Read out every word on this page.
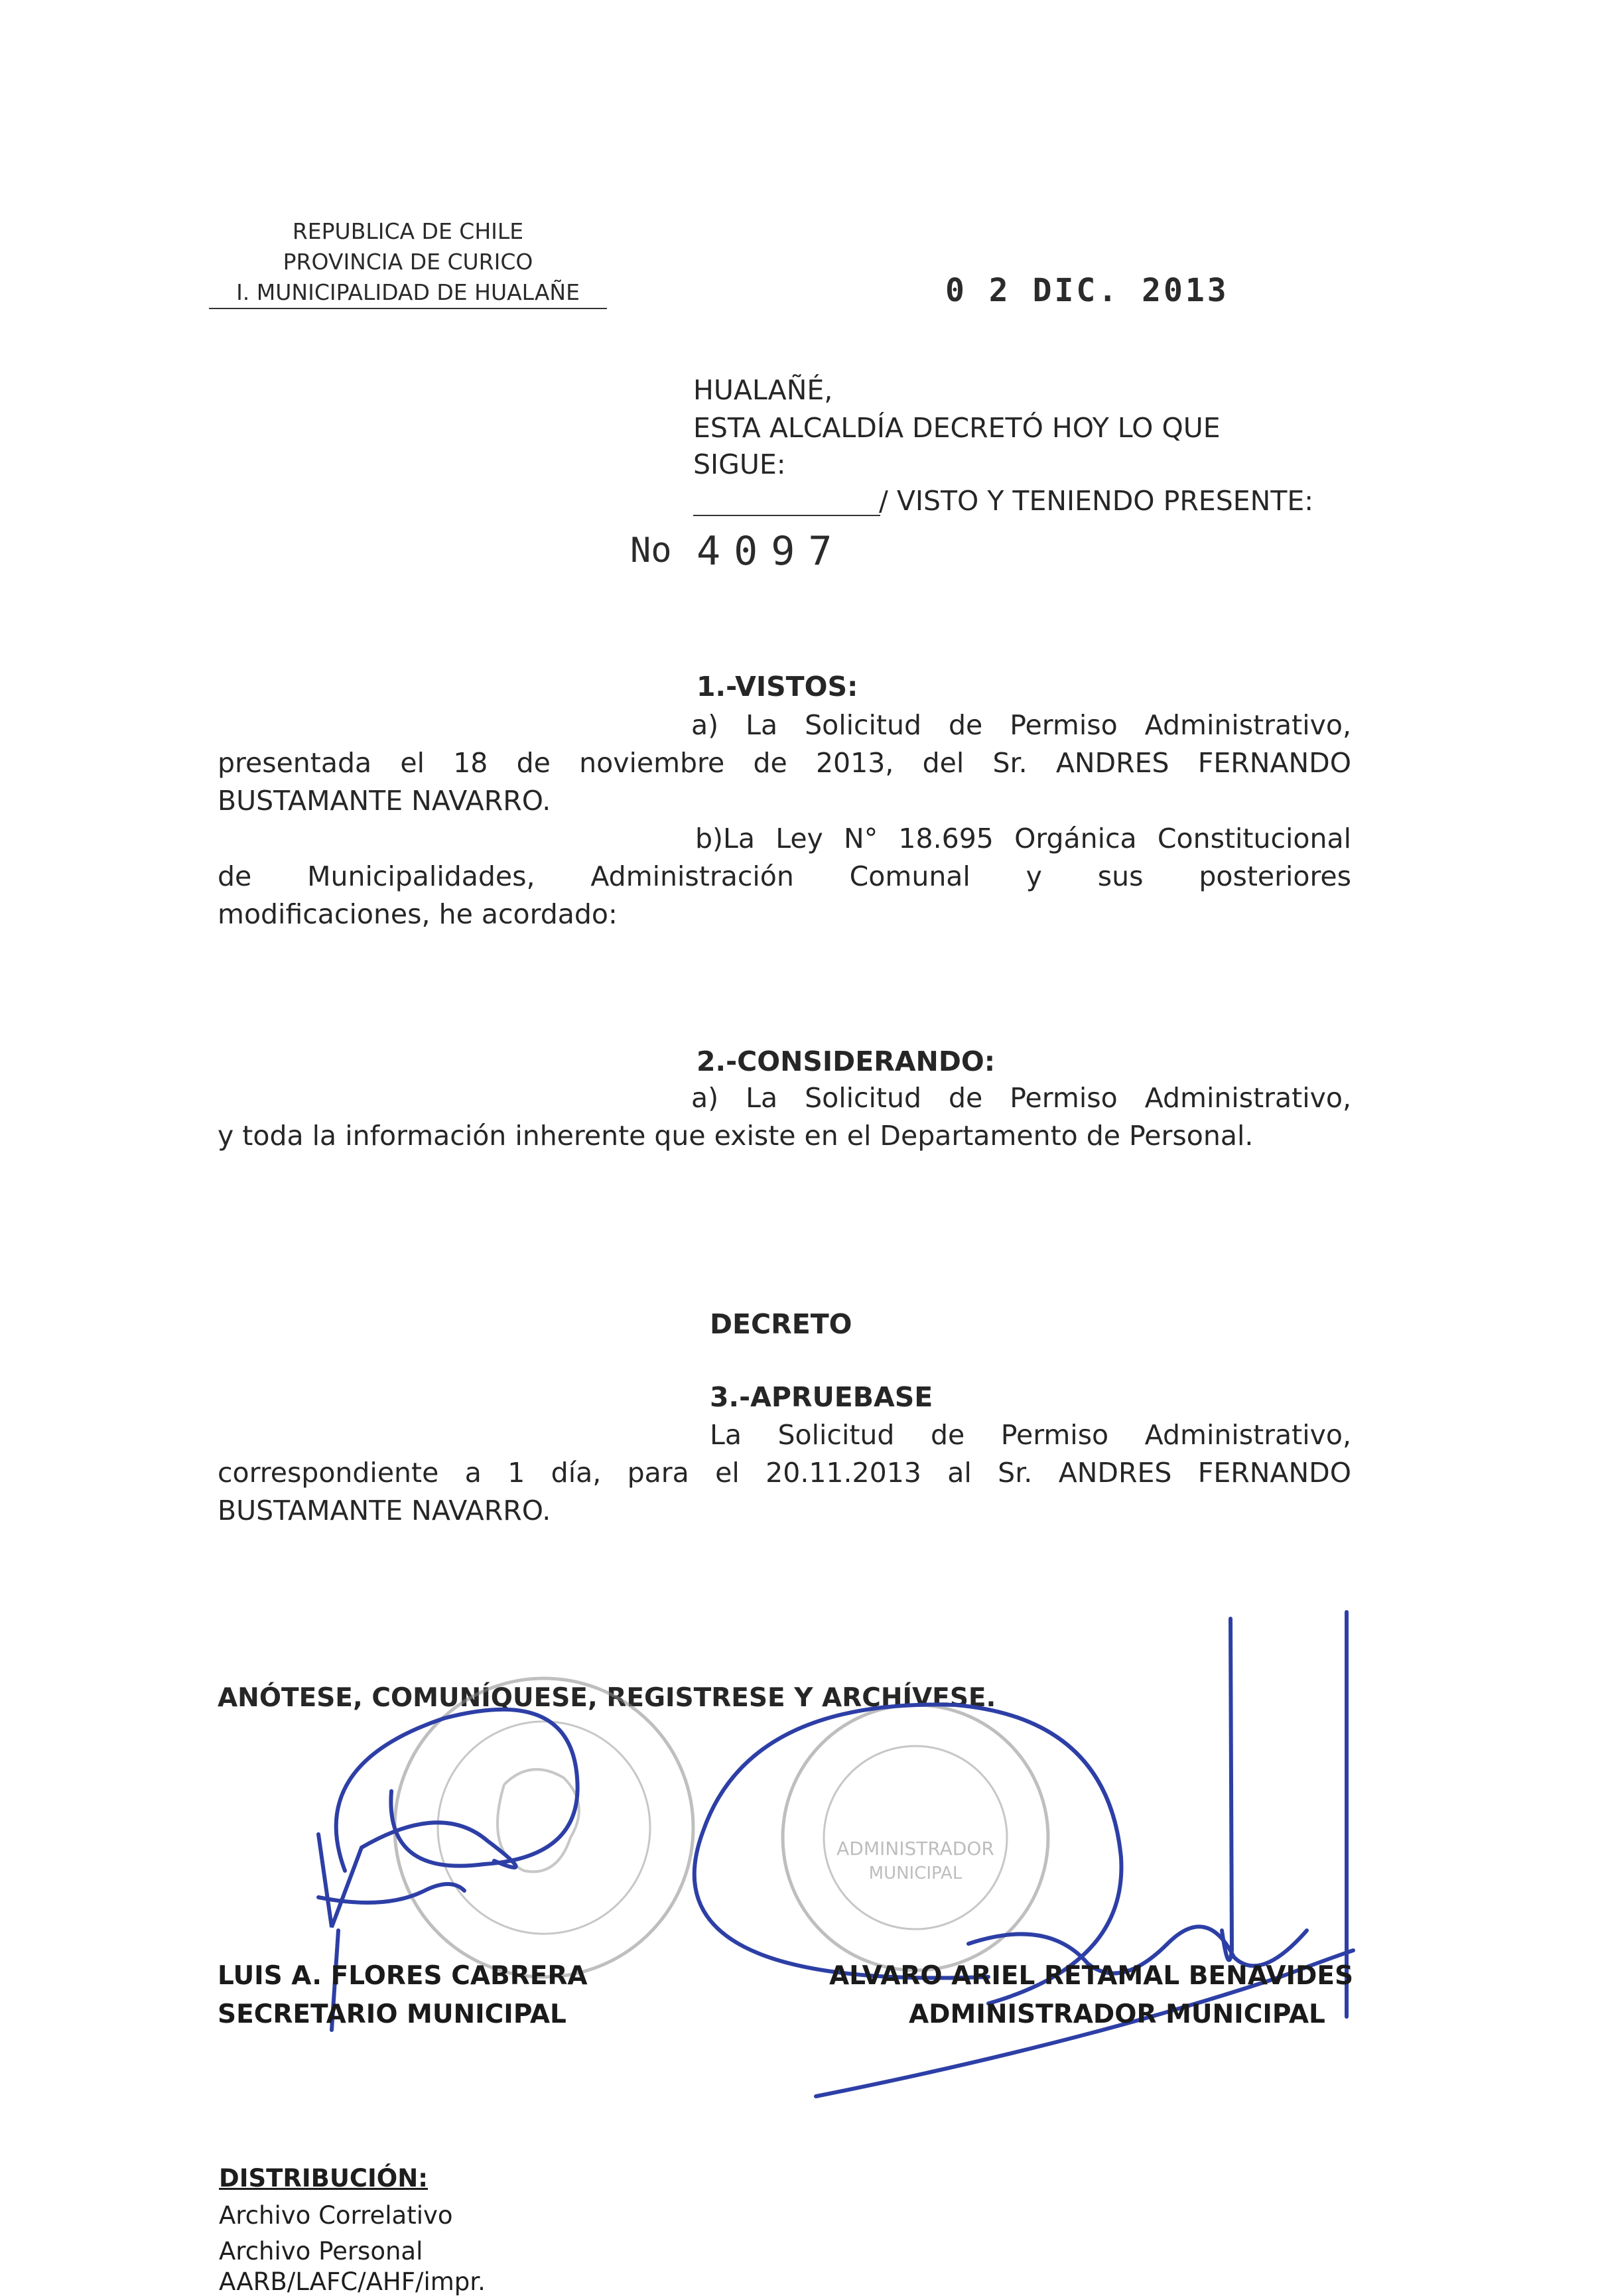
REPUBLICA DE CHILE
PROVINCIA DE CURICO
I. MUNICIPALIDAD DE HUALAÑE	0 2 DIC. 2013
HUALAÑÉ,
ESTA ALCALDÍA DECRETÓ HOY LO QUE
SIGUE:
/ VISTO Y TENIENDO PRESENTE:
No 4097
1.-VISTOS:
a) La Solicitud de Permiso Administrativo,
presentada el 18 de noviembre de 2013, del Sr. ANDRES FERNANDO
BUSTAMANTE NAVARRO.
b)La Ley N° 18.695 Orgánica Constitucional
de Municipalidades, Administración Comunal y sus posteriores
modificaciones, he acordado:
2.-CONSIDERANDO:
a) La Solicitud de Permiso Administrativo,
y toda la información inherente que existe en el Departamento de Personal.
DECRETO
3.-APRUEBASE
La Solicitud de Permiso Administrativo,
correspondiente a 1 día, para el 20.11.2013 al Sr. ANDRES FERNANDO
BUSTAMANTE NAVARRO.
ANÓTESE, COMUNÍQUESE, REGISTRESE Y ARCHÍVESE.
ADMINISTRADOR
MUNICIPAL
LUIS A. FLORES CABRERA
SECRETARIO MUNICIPAL
ALVARO ARIEL RETAMAL BENAVIDES
ADMINISTRADOR MUNICIPAL
DISTRIBUCIÓN:
Archivo Correlativo
Archivo Personal
AARB/LAFC/AHF/impr.
